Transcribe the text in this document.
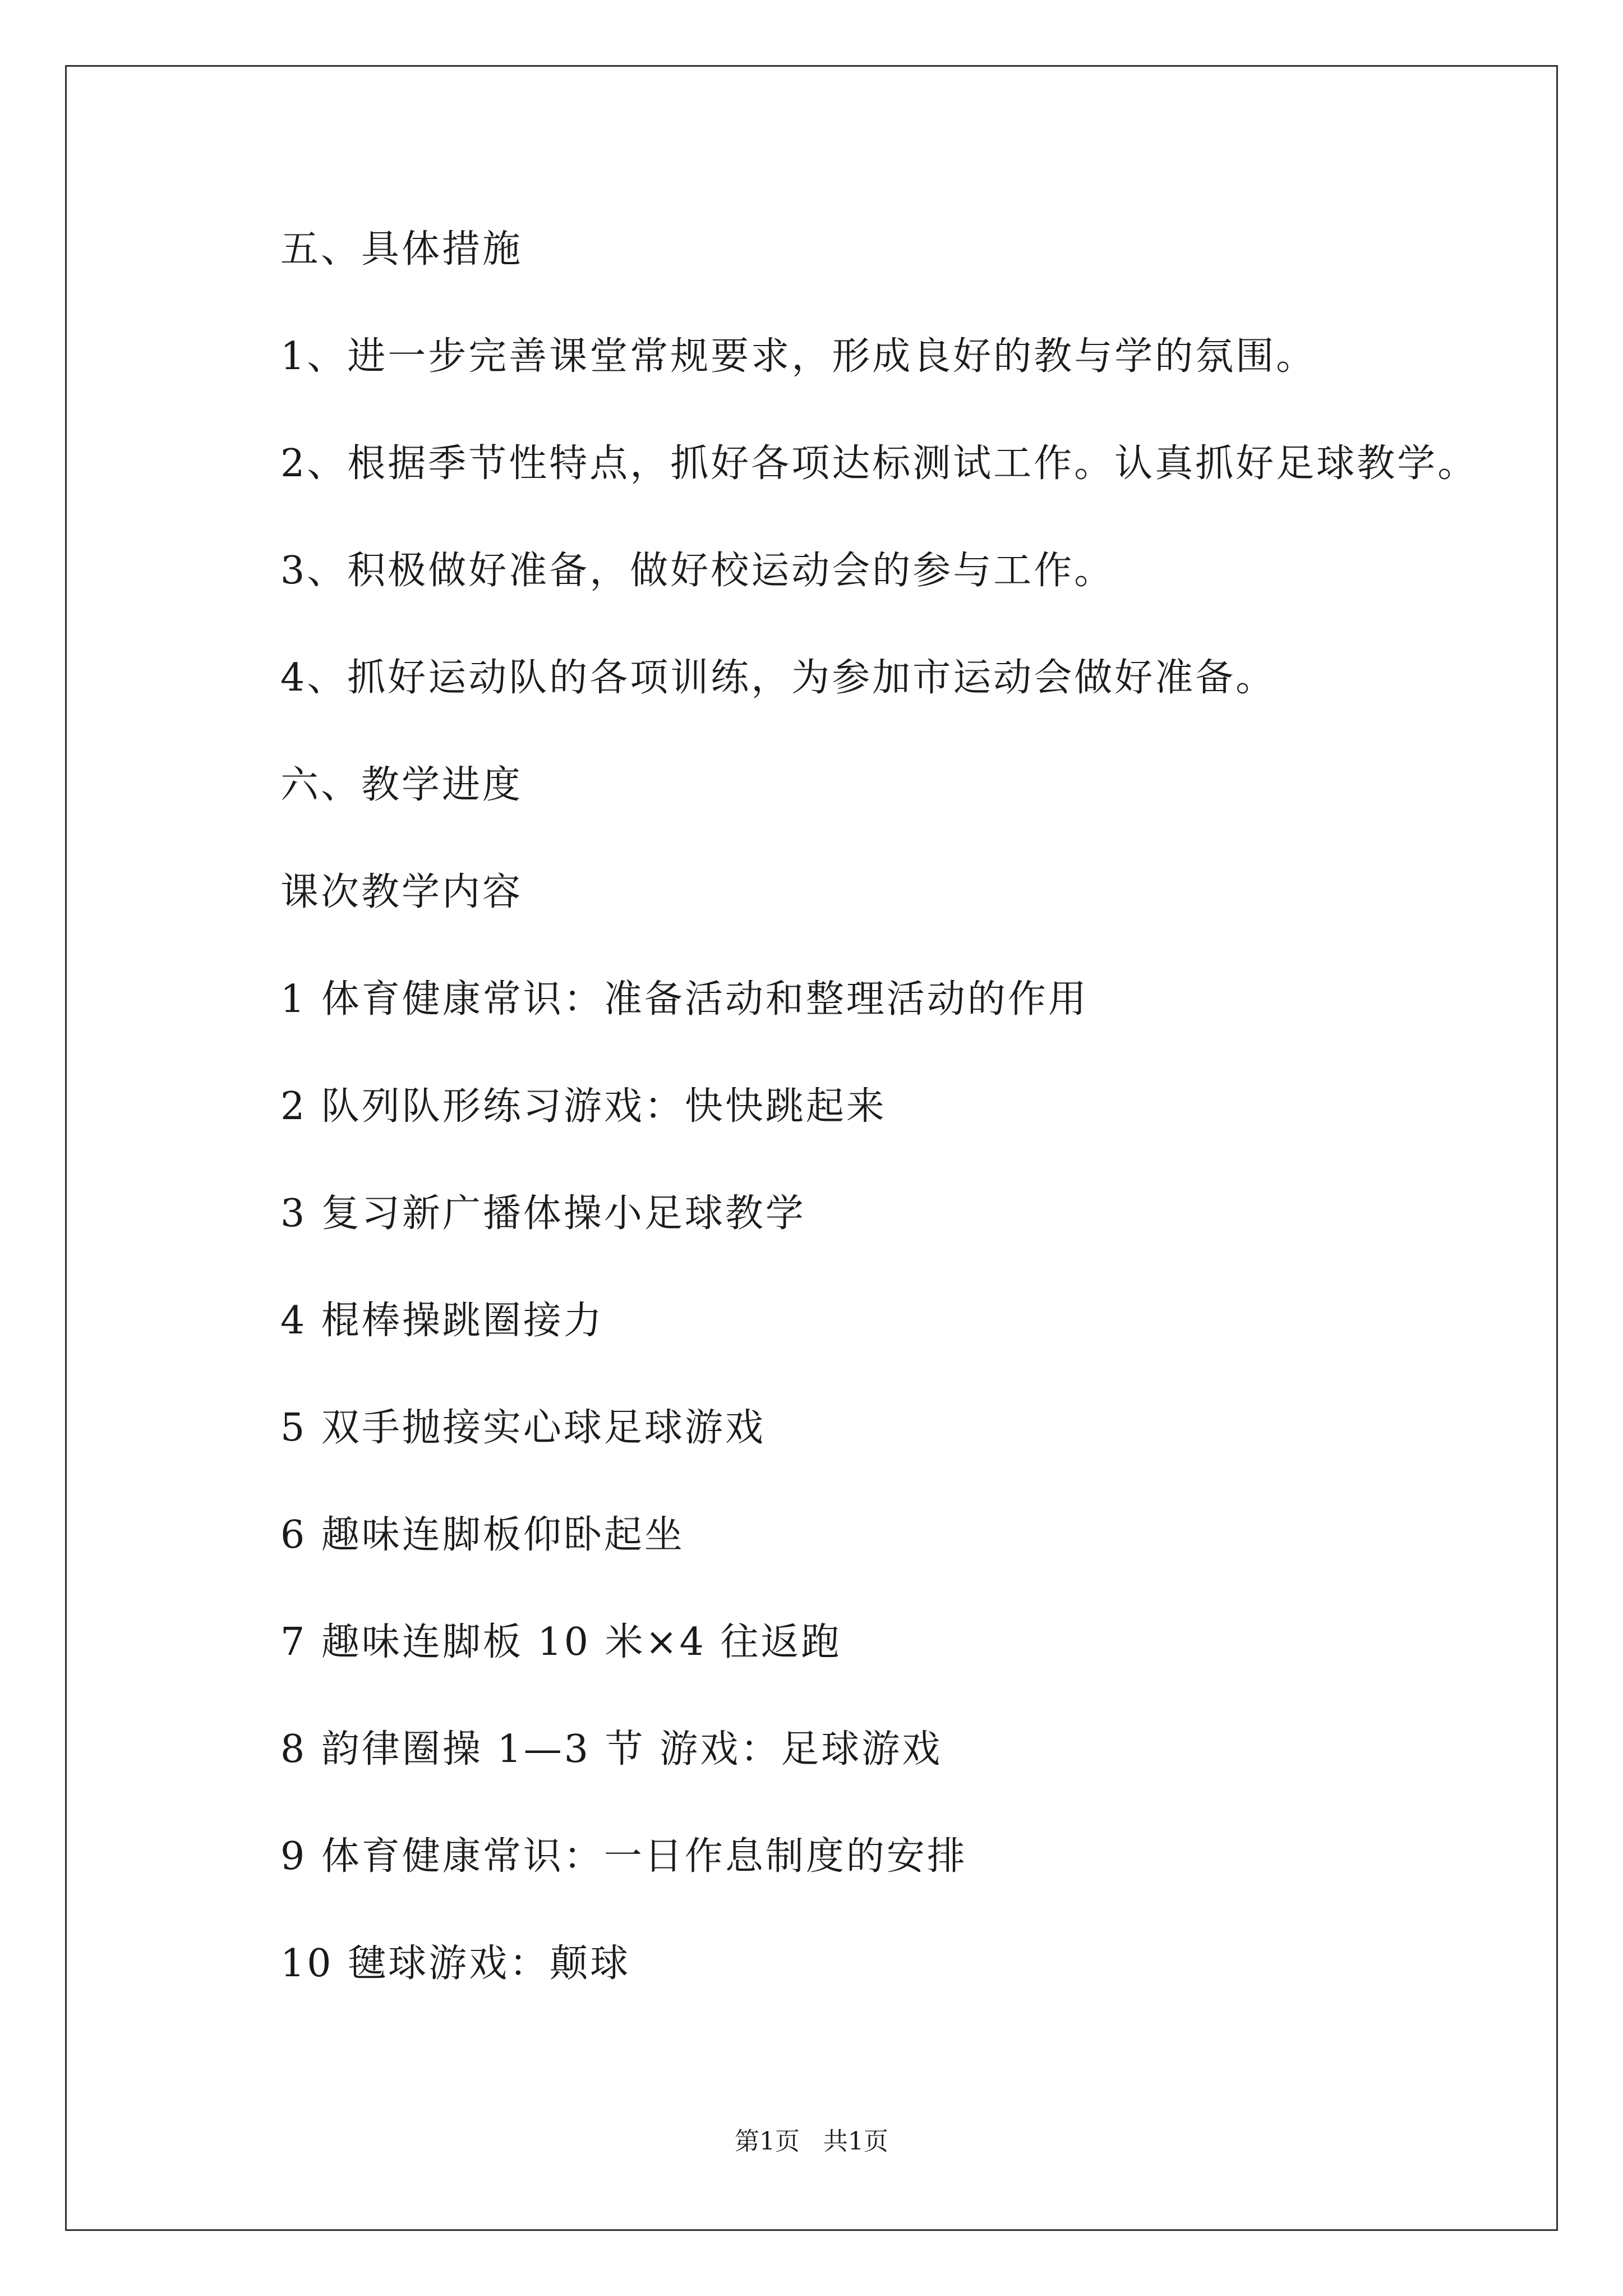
五、具体措施
1、进一步完善课堂常规要求，形成良好的教与学的氛围。
2、根据季节性特点，抓好各项达标测试工作。认真抓好足球教学。
3、积极做好准备，做好校运动会的参与工作。
4、抓好运动队的各项训练，为参加市运动会做好准备。
六、教学进度
课次教学内容
1 体育健康常识：准备活动和整理活动的作用
2 队列队形练习游戏：快快跳起来
3 复习新广播体操小足球教学
4 棍棒操跳圈接力
5 双手抛接实心球足球游戏
6 趣味连脚板仰卧起坐
7 趣味连脚板 10 米×4 往返跑
8 韵律圈操 1—3 节 游戏：足球游戏
9 体育健康常识：一日作息制度的安排
10 毽球游戏：颠球
第1页   共1页
